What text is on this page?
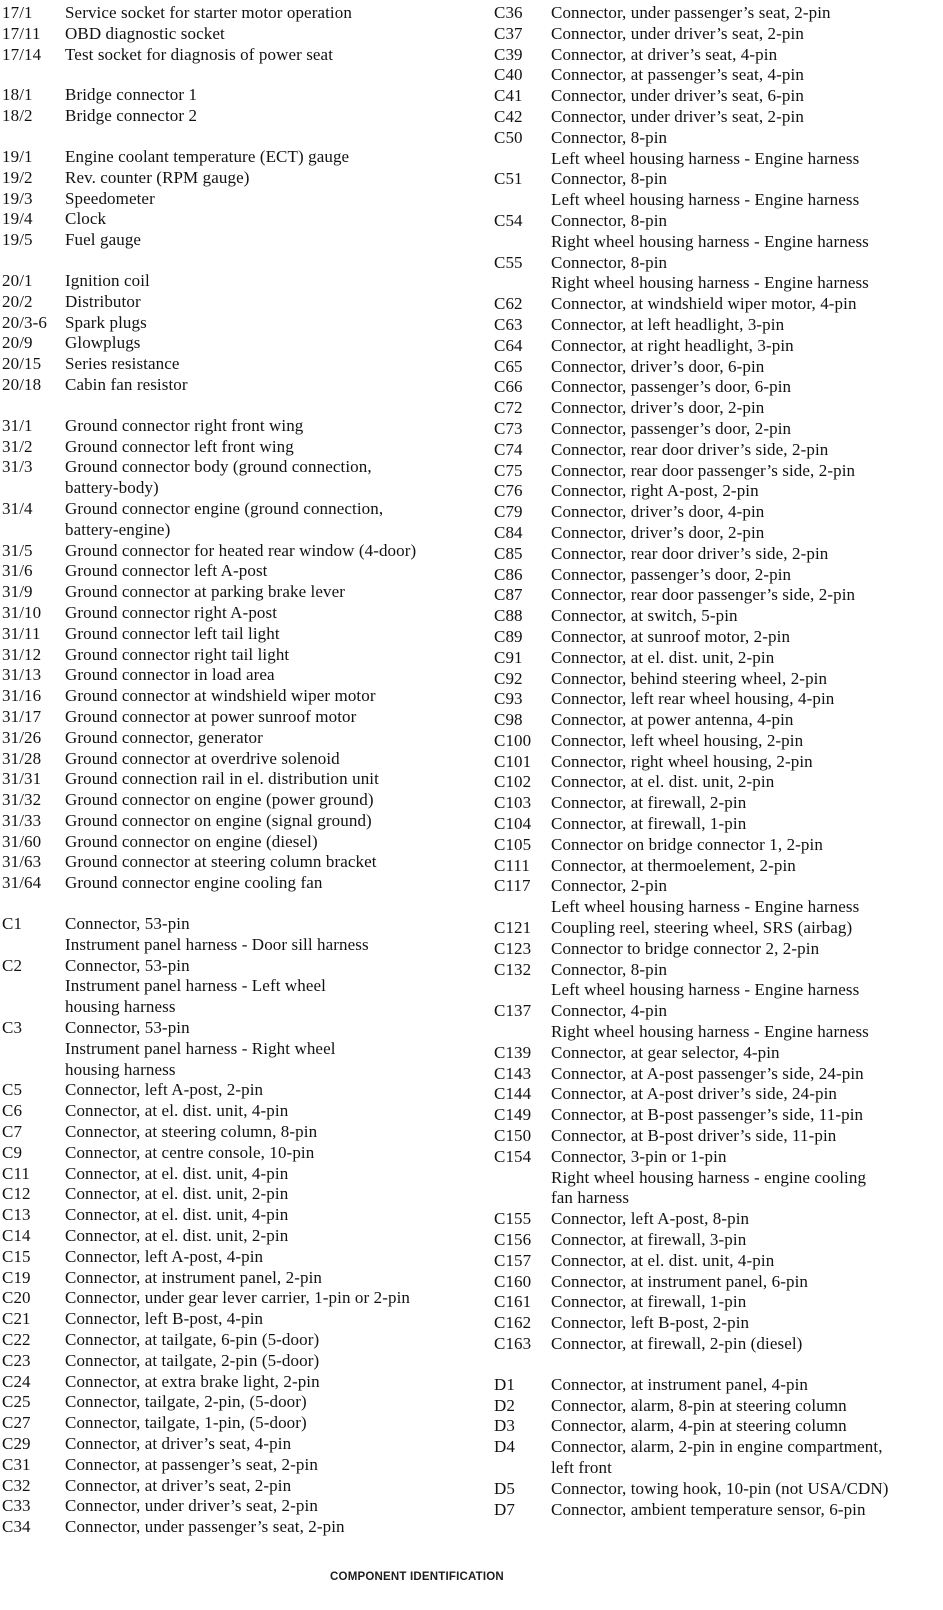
17/1	Service socket for starter motor operation
17/11	OBD diagnostic socket
17/14	Test socket for diagnosis of power seat
18/1	Bridge connector 1
18/2	Bridge connector 2
19/1	Engine coolant temperature (ECT) gauge
19/2	Rev. counter (RPM gauge)
19/3	Speedometer
19/4	Clock
19/5	Fuel gauge
20/1	Ignition coil
20/2	Distributor
20/3-6	Spark plugs
20/9	Glowplugs
20/15	Series resistance
20/18	Cabin fan resistor
31/1	Ground connector right front wing
31/2	Ground connector left front wing
31/3	Ground connector body (ground connection,
battery-body)
31/4	Ground connector engine (ground connection,
battery-engine)
31/5	Ground connector for heated rear window (4-door)
31/6	Ground connector left A-post
31/9	Ground connector at parking brake lever
31/10	Ground connector right A-post
31/11	Ground connector left tail light
31/12	Ground connector right tail light
31/13	Ground connector in load area
31/16	Ground connector at windshield wiper motor
31/17	Ground connector at power sunroof motor
31/26	Ground connector, generator
31/28	Ground connector at overdrive solenoid
31/31	Ground connection rail in el. distribution unit
31/32	Ground connector on engine (power ground)
31/33	Ground connector on engine (signal ground)
31/60	Ground connector on engine (diesel)
31/63	Ground connector at steering column bracket
31/64	Ground connector engine cooling fan
C1	Connector, 53-pin
Instrument panel harness - Door sill harness
C2	Connector, 53-pin
Instrument panel harness - Left wheel
housing harness
C3	Connector, 53-pin
Instrument panel harness - Right wheel
housing harness
C5	Connector, left A-post, 2-pin
C6	Connector, at el. dist. unit, 4-pin
C7	Connector, at steering column, 8-pin
C9	Connector, at centre console, 10-pin
C11	Connector, at el. dist. unit, 4-pin
C12	Connector, at el. dist. unit, 2-pin
C13	Connector, at el. dist. unit, 4-pin
C14	Connector, at el. dist. unit, 2-pin
C15	Connector, left A-post, 4-pin
C19	Connector, at instrument panel, 2-pin
C20	Connector, under gear lever carrier, 1-pin or 2-pin
C21	Connector, left B-post, 4-pin
C22	Connector, at tailgate, 6-pin (5-door)
C23	Connector, at tailgate, 2-pin (5-door)
C24	Connector, at extra brake light, 2-pin
C25	Connector, tailgate, 2-pin, (5-door)
C27	Connector, tailgate, 1-pin, (5-door)
C29	Connector, at driver’s seat, 4-pin
C31	Connector, at passenger’s seat, 2-pin
C32	Connector, at driver’s seat, 2-pin
C33	Connector, under driver’s seat, 2-pin
C34	Connector, under passenger’s seat, 2-pin
C36	Connector, under passenger’s seat, 2-pin
C37	Connector, under driver’s seat, 2-pin
C39	Connector, at driver’s seat, 4-pin
C40	Connector, at passenger’s seat, 4-pin
C41	Connector, under driver’s seat, 6-pin
C42	Connector, under driver’s seat, 2-pin
C50	Connector, 8-pin
Left wheel housing harness - Engine harness
C51	Connector, 8-pin
Left wheel housing harness - Engine harness
C54	Connector, 8-pin
Right wheel housing harness - Engine harness
C55	Connector, 8-pin
Right wheel housing harness - Engine harness
C62	Connector, at windshield wiper motor, 4-pin
C63	Connector, at left headlight, 3-pin
C64	Connector, at right headlight, 3-pin
C65	Connector, driver’s door, 6-pin
C66	Connector, passenger’s door, 6-pin
C72	Connector, driver’s door, 2-pin
C73	Connector, passenger’s door, 2-pin
C74	Connector, rear door driver’s side, 2-pin
C75	Connector, rear door passenger’s side, 2-pin
C76	Connector, right A-post, 2-pin
C79	Connector, driver’s door, 4-pin
C84	Connector, driver’s door, 2-pin
C85	Connector, rear door driver’s side, 2-pin
C86	Connector, passenger’s door, 2-pin
C87	Connector, rear door passenger’s side, 2-pin
C88	Connector, at switch, 5-pin
C89	Connector, at sunroof motor, 2-pin
C91	Connector, at el. dist. unit, 2-pin
C92	Connector, behind steering wheel, 2-pin
C93	Connector, left rear wheel housing, 4-pin
C98	Connector, at power antenna, 4-pin
C100	Connector, left wheel housing, 2-pin
C101	Connector, right wheel housing, 2-pin
C102	Connector, at el. dist. unit, 2-pin
C103	Connector, at firewall, 2-pin
C104	Connector, at firewall, 1-pin
C105	Connector on bridge connector 1, 2-pin
C111	Connector, at thermoelement, 2-pin
C117	Connector, 2-pin
Left wheel housing harness - Engine harness
C121	Coupling reel, steering wheel, SRS (airbag)
C123	Connector to bridge connector 2, 2-pin
C132	Connector, 8-pin
Left wheel housing harness - Engine harness
C137	Connector, 4-pin
Right wheel housing harness - Engine harness
C139	Connector, at gear selector, 4-pin
C143	Connector, at A-post passenger’s side, 24-pin
C144	Connector, at A-post driver’s side, 24-pin
C149	Connector, at B-post passenger’s side, 11-pin
C150	Connector, at B-post driver’s side, 11-pin
C154	Connector, 3-pin or 1-pin
Right wheel housing harness - engine cooling
fan harness
C155	Connector, left A-post, 8-pin
C156	Connector, at firewall, 3-pin
C157	Connector, at el. dist. unit, 4-pin
C160	Connector, at instrument panel, 6-pin
C161	Connector, at firewall, 1-pin
C162	Connector, left B-post, 2-pin
C163	Connector, at firewall, 2-pin (diesel)
D1	Connector, at instrument panel, 4-pin
D2	Connector, alarm, 8-pin at steering column
D3	Connector, alarm, 4-pin at steering column
D4	Connector, alarm, 2-pin in engine compartment,
left front
D5	Connector, towing hook, 10-pin (not USA/CDN)
D7	Connector, ambient temperature sensor, 6-pin
COMPONENT IDENTIFICATION
